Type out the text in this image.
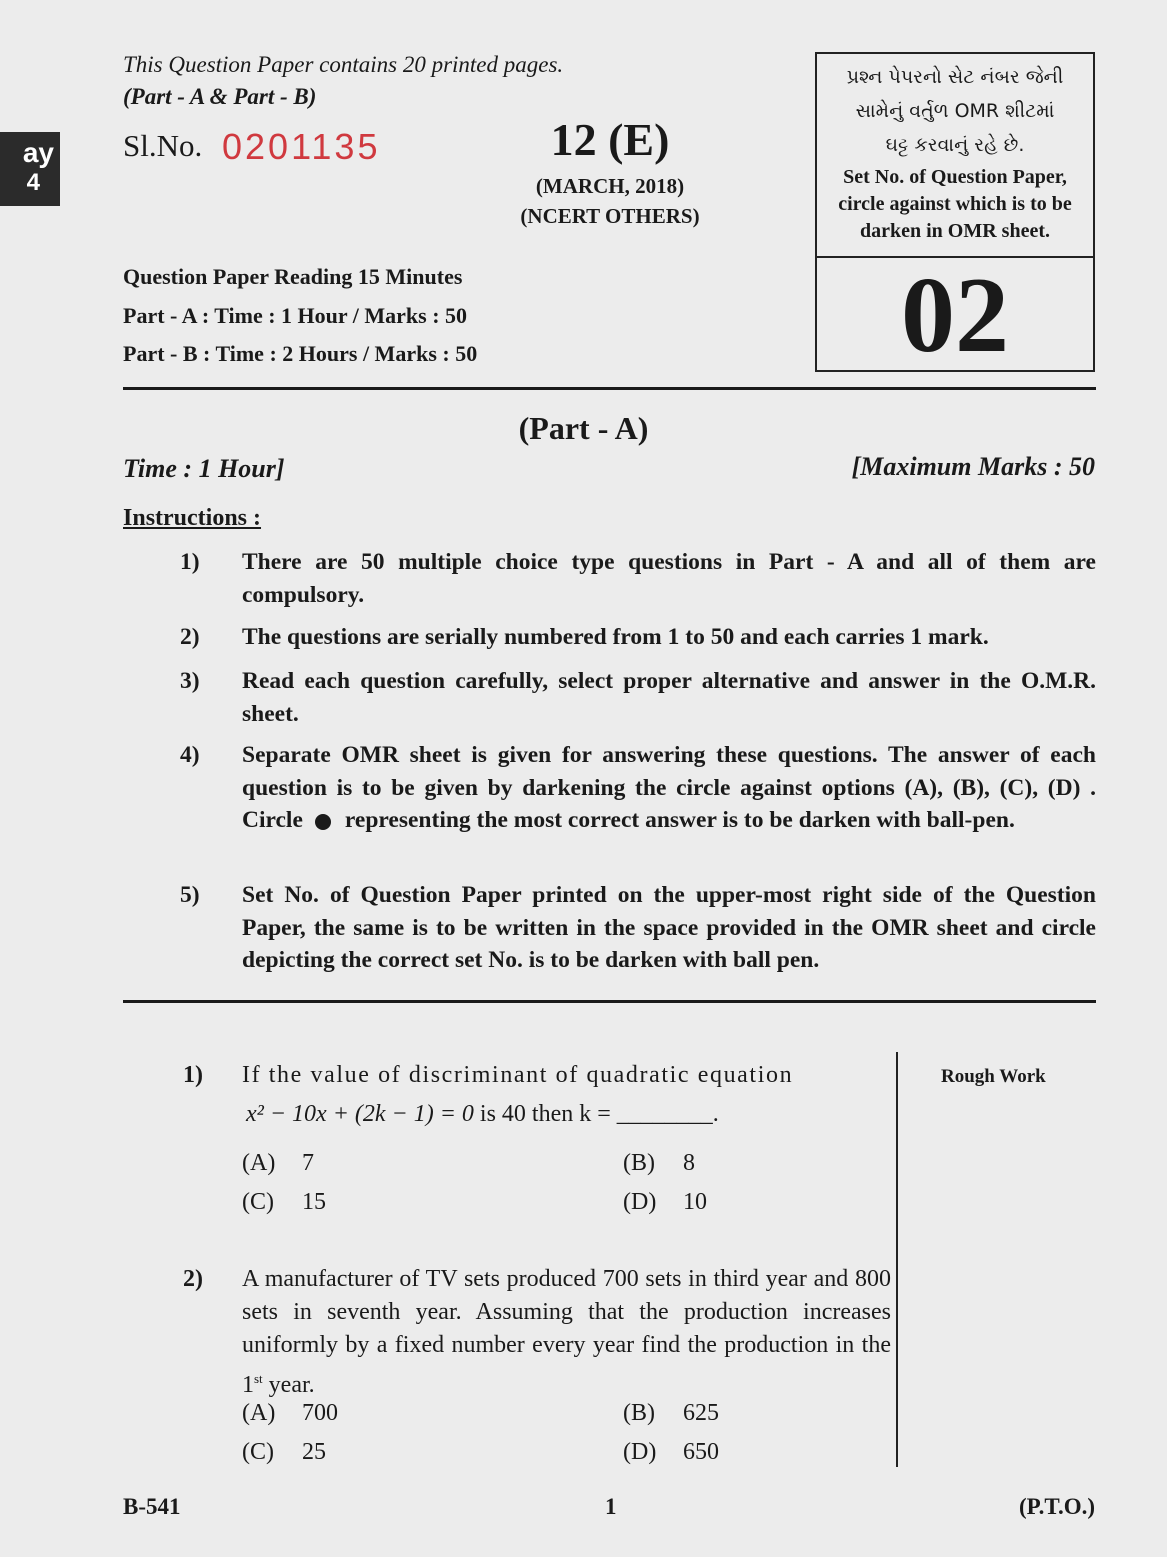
ay
4
This Question Paper contains 20 printed pages.
(Part - A & Part - B)
Sl.No. 0201135	12 (E)
(MARCH, 2018)
(NCERT OTHERS)
પ્રશ્ન પેપરનો સેટ નંબર જેની
સામેનું વર્તુળ OMR શીટમાં
ઘટ્ટ કરવાનું રહે છે.
Set No. of Question Paper,
circle against which is to be
darken in OMR sheet.
02
Question Paper Reading 15 Minutes
Part - A : Time : 1 Hour / Marks : 50
Part - B : Time : 2 Hours / Marks : 50
(Part - A)
Time : 1 Hour]	[Maximum Marks : 50
Instructions :
1)	There are 50 multiple choice type questions in Part - A and all of them are compulsory.
2)	The questions are serially numbered from 1 to 50 and each carries 1 mark.
3)	Read each question carefully, select proper alternative and answer in the O.M.R. sheet.
4)	Separate OMR sheet is given for answering these questions. The answer of each question is to be given by darkening the circle against options (A), (B), (C), (D) . Circle representing the most correct answer is to be darken with ball-pen.
5)	Set No. of Question Paper printed on the upper-most right side of the Question Paper, the same is to be written in the space provided in the OMR sheet and circle depicting the correct set No. is to be darken with ball pen.
Rough Work
1) If the value of discriminant of quadratic equation
x² − 10x + (2k − 1) = 0 is 40 then k = ________.
(A) 7	(B) 8
(C) 15	(D) 10
2) A manufacturer of TV sets produced 700 sets in third year and 800 sets in seventh year. Assuming that the production increases uniformly by a fixed number every year find the production in the 1st year.
(A) 700	(B) 625
(C) 25	(D) 650
B-541	1	(P.T.O.)
